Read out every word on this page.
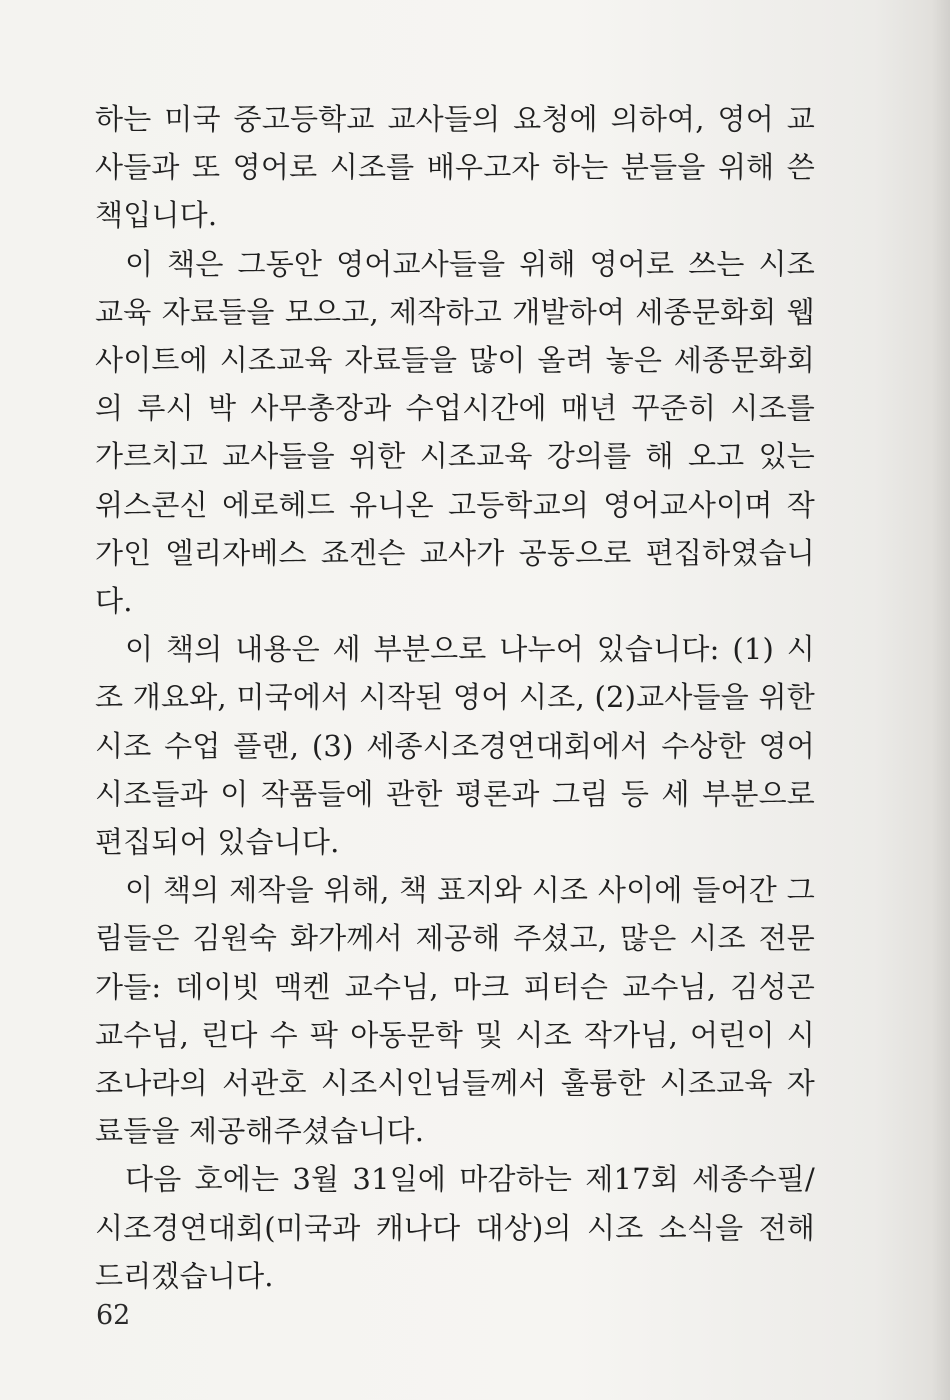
하는 미국 중고등학교 교사들의 요청에 의하여, 영어 교사들과 또 영어로 시조를 배우고자 하는 분들을 위해 쓴 책입니다.

이 책은 그동안 영어교사들을 위해 영어로 쓰는 시조 교육 자료들을 모으고, 제작하고 개발하여 세종문화회 웹사이트에 시조교육 자료들을 많이 올려 놓은 세종문화회의 루시 박 사무총장과 수업시간에 매년 꾸준히 시조를 가르치고 교사들을 위한 시조교육 강의를 해 오고 있는 위스콘신 에로헤드 유니온 고등학교의 영어교사이며 작가인 엘리자베스 죠겐슨 교사가 공동으로 편집하였습니다.

이 책의 내용은 세 부분으로 나누어 있습니다: (1) 시조 개요와, 미국에서 시작된 영어 시조, (2)교사들을 위한 시조 수업 플랜, (3) 세종시조경연대회에서 수상한 영어시조들과 이 작품들에 관한 평론과 그림 등 세 부분으로 편집되어 있습니다.

이 책의 제작을 위해, 책 표지와 시조 사이에 들어간 그림들은 김원숙 화가께서 제공해 주셨고, 많은 시조 전문가들: 데이빗 맥켄 교수님, 마크 피터슨 교수님, 김성곤 교수님, 린다 수 팍 아동문학 및 시조 작가님, 어린이 시조나라의 서관호 시조시인님들께서 훌륭한 시조교육 자료들을 제공해주셨습니다.

다음 호에는 3월 31일에 마감하는 제17회 세종수필/시조경연대회(미국과 캐나다 대상)의 시조 소식을 전해 드리겠습니다.

62
